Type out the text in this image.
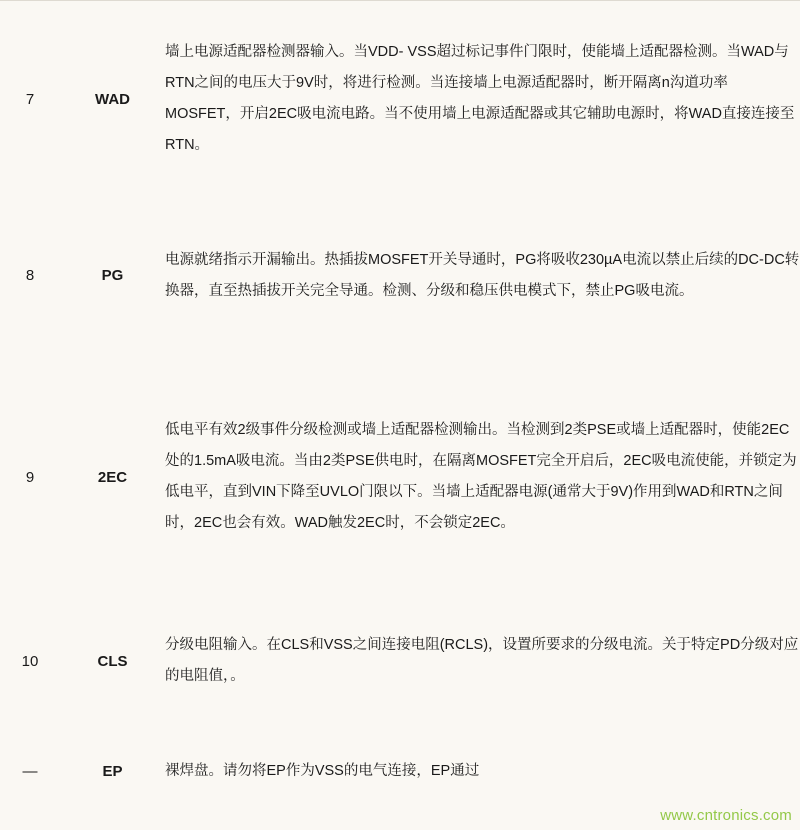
7	WAD	墙上电源适配器检测器输入。当VDD- VSS超过标记事件门限时，使能墙上适配器检测。当WAD与RTN之间的电压大于9V时，将进行检测。当连接墙上电源适配器时，断开隔离n沟道功率MOSFET，开启2EC吸电流电路。当不使用墙上电源适配器或其它辅助电源时，将WAD直接连接至RTN。

8	PG	电源就绪指示开漏输出。热插拔MOSFET开关导通时，PG将吸收230µA电流以禁止后续的DC-DC转换器，直至热插拔开关完全导通。检测、分级和稳压供电模式下，禁止PG吸电流。

9	2EC	低电平有效2级事件分级检测或墙上适配器检测输出。当检测到2类PSE或墙上适配器时，使能2EC处的1.5mA吸电流。当由2类PSE供电时，在隔离MOSFET完全开启后，2EC吸电流使能，并锁定为低电平，直到VIN下降至UVLO门限以下。当墙上适配器电源(通常大于9V)作用到WAD和RTN之间时，2EC也会有效。WAD触发2EC时，不会锁定2EC。

10	CLS	分级电阻输入。在CLS和VSS之间连接电阻(RCLS)，设置所要求的分级电流。关于特定PD分级对应的电阻值，。

—	EP	裸焊盘。请勿将EP作为VSS的电气连接，EP通过
www.cntronics.com
